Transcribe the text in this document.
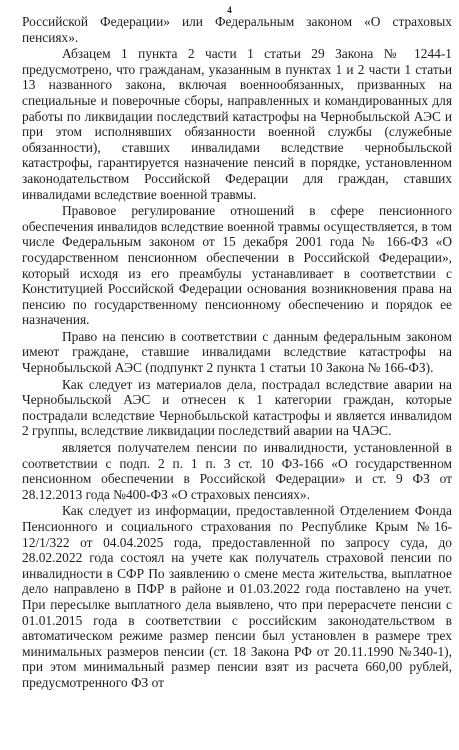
4

Российской Федерации» или Федеральным законом «О страховых пенсиях».

Абзацем 1 пункта 2 части 1 статьи 29 Закона № 1244-1 предусмотрено, что гражданам, указанным в пунктах 1 и 2 части 1 статьи 13 названного закона, включая военнообязанных, призванных на специальные и поверочные сборы, направленных и командированных для работы по ликвидации последствий катастрофы на Чернобыльской АЭС и при этом исполнявших обязанности военной службы (служебные обязанности), ставших инвалидами вследствие чернобыльской катастрофы, гарантируется назначение пенсий в порядке, установленном законодательством Российской Федерации для граждан, ставших инвалидами вследствие военной травмы.

Правовое регулирование отношений в сфере пенсионного обеспечения инвалидов вследствие военной травмы осуществляется, в том числе Федеральным законом от 15 декабря 2001 года № 166-ФЗ «О государственном пенсионном обеспечении в Российской Федерации», который исходя из его преамбулы устанавливает в соответствии с Конституцией Российской Федерации основания возникновения права на пенсию по государственному пенсионному обеспечению и порядок ее назначения.

Право на пенсию в соответствии с данным федеральным законом имеют граждане, ставшие инвалидами вследствие катастрофы на Чернобыльской АЭС (подпункт 2 пункта 1 статьи 10 Закона № 166-ФЗ).

Как следует из материалов дела, пострадал вследствие аварии на Чернобыльской АЭС и отнесен к 1 категории граждан, которые пострадали вследствие Чернобыльской катастрофы и является инвалидом 2 группы, вследствие ликвидации последствий аварии на ЧАЭС.

является получателем пенсии по инвалидности, установленной в соответствии с подп. 2 п. 1 п. 3 ст. 10 ФЗ-166 «О государственном пенсионном обеспечении в Российской Федерации» и ст. 9 ФЗ от 28.12.2013 года №400-ФЗ «О страховых пенсиях».

Как следует из информации, предоставленной Отделением Фонда Пенсионного и социального страхования по Республике Крым №16-12/1/322 от 04.04.2025 года, предоставленной по запросу суда, до 28.02.2022 года состоял на учете как получатель страховой пенсии по инвалидности в СФР По заявлению о смене места жительства, выплатное дело направлено в ПФР в районе и 01.03.2022 года поставлено на учет. При пересылке выплатного дела выявлено, что при перерасчете пенсии с 01.01.2015 года в соответствии с российским законодательством в автоматическом режиме размер пенсии был установлен в размере трех минимальных размеров пенсии (ст. 18 Закона РФ от 20.11.1990 №340-1), при этом минимальный размер пенсии взят из расчета 660,00 рублей, предусмотренного ФЗ от
